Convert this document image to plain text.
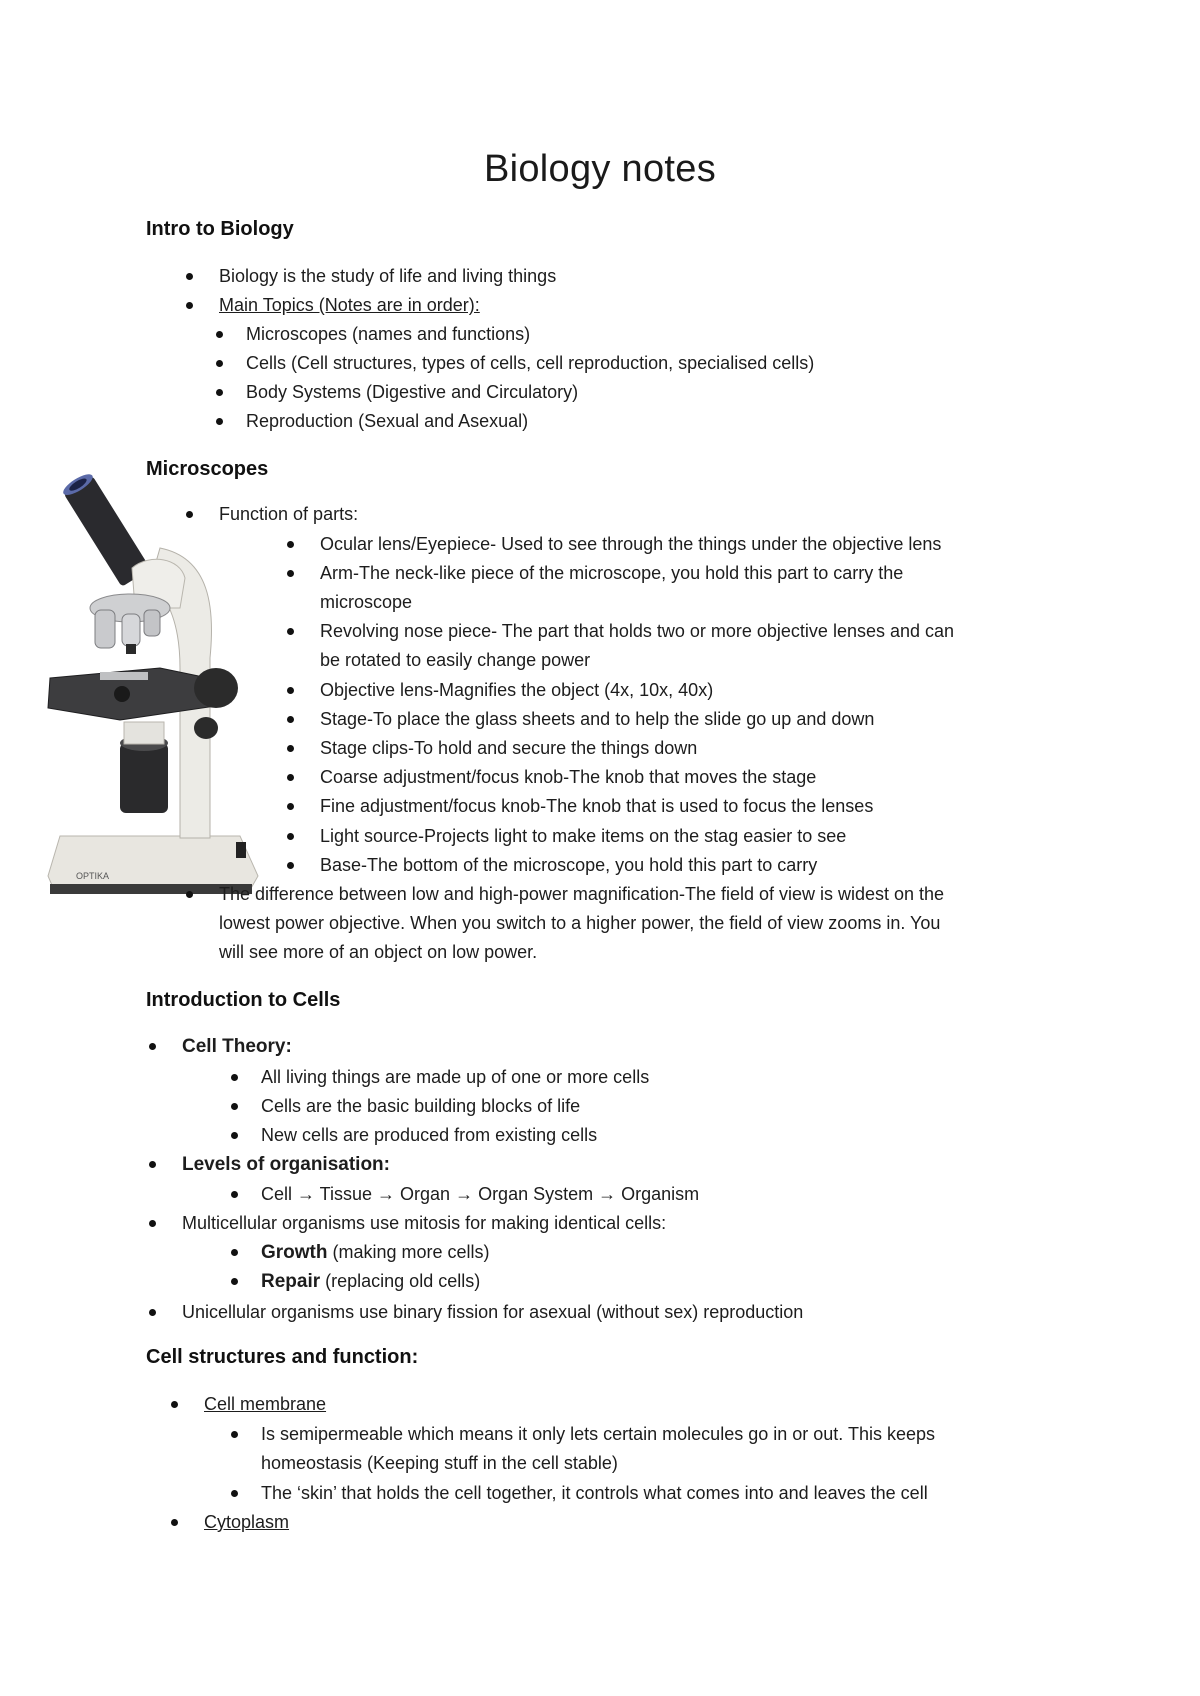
Biology notes
Intro to Biology
Biology is the study of life and living things
Main Topics (Notes are in order):
Microscopes (names and functions)
Cells (Cell structures, types of cells, cell reproduction, specialised cells)
Body Systems (Digestive and Circulatory)
Reproduction (Sexual and Asexual)
Microscopes
OPTIKA
Function of parts:
Ocular lens/Eyepiece- Used to see through the things under the objective lens
Arm-The neck-like piece of the microscope, you hold this part to carry the
microscope
Revolving nose piece- The part that holds two or more objective lenses and can
be rotated to easily change power
Objective lens-Magnifies the object (4x, 10x, 40x)
Stage-To place the glass sheets and to help the slide go up and down
Stage clips-To hold and secure the things down
Coarse adjustment/focus knob-The knob that moves the stage
Fine adjustment/focus knob-The knob that is used to focus the lenses
Light source-Projects light to make items on the stag easier to see
Base-The bottom of the microscope, you hold this part to carry
The difference between low and high-power magnification-The field of view is widest on the
lowest power objective. When you switch to a higher power, the field of view zooms in. You
will see more of an object on low power.
Introduction to Cells
Cell Theory:
All living things are made up of one or more cells
Cells are the basic building blocks of life
New cells are produced from existing cells
Levels of organisation:
Cell → Tissue → Organ → Organ System → Organism
Multicellular organisms use mitosis for making identical cells:
Growth (making more cells)
Repair (replacing old cells)
Unicellular organisms use binary fission for asexual (without sex) reproduction
Cell structures and function:
Cell membrane
Is semipermeable which means it only lets certain molecules go in or out. This keeps
homeostasis (Keeping stuff in the cell stable)
The ‘skin’ that holds the cell together, it controls what comes into and leaves the cell
Cytoplasm
